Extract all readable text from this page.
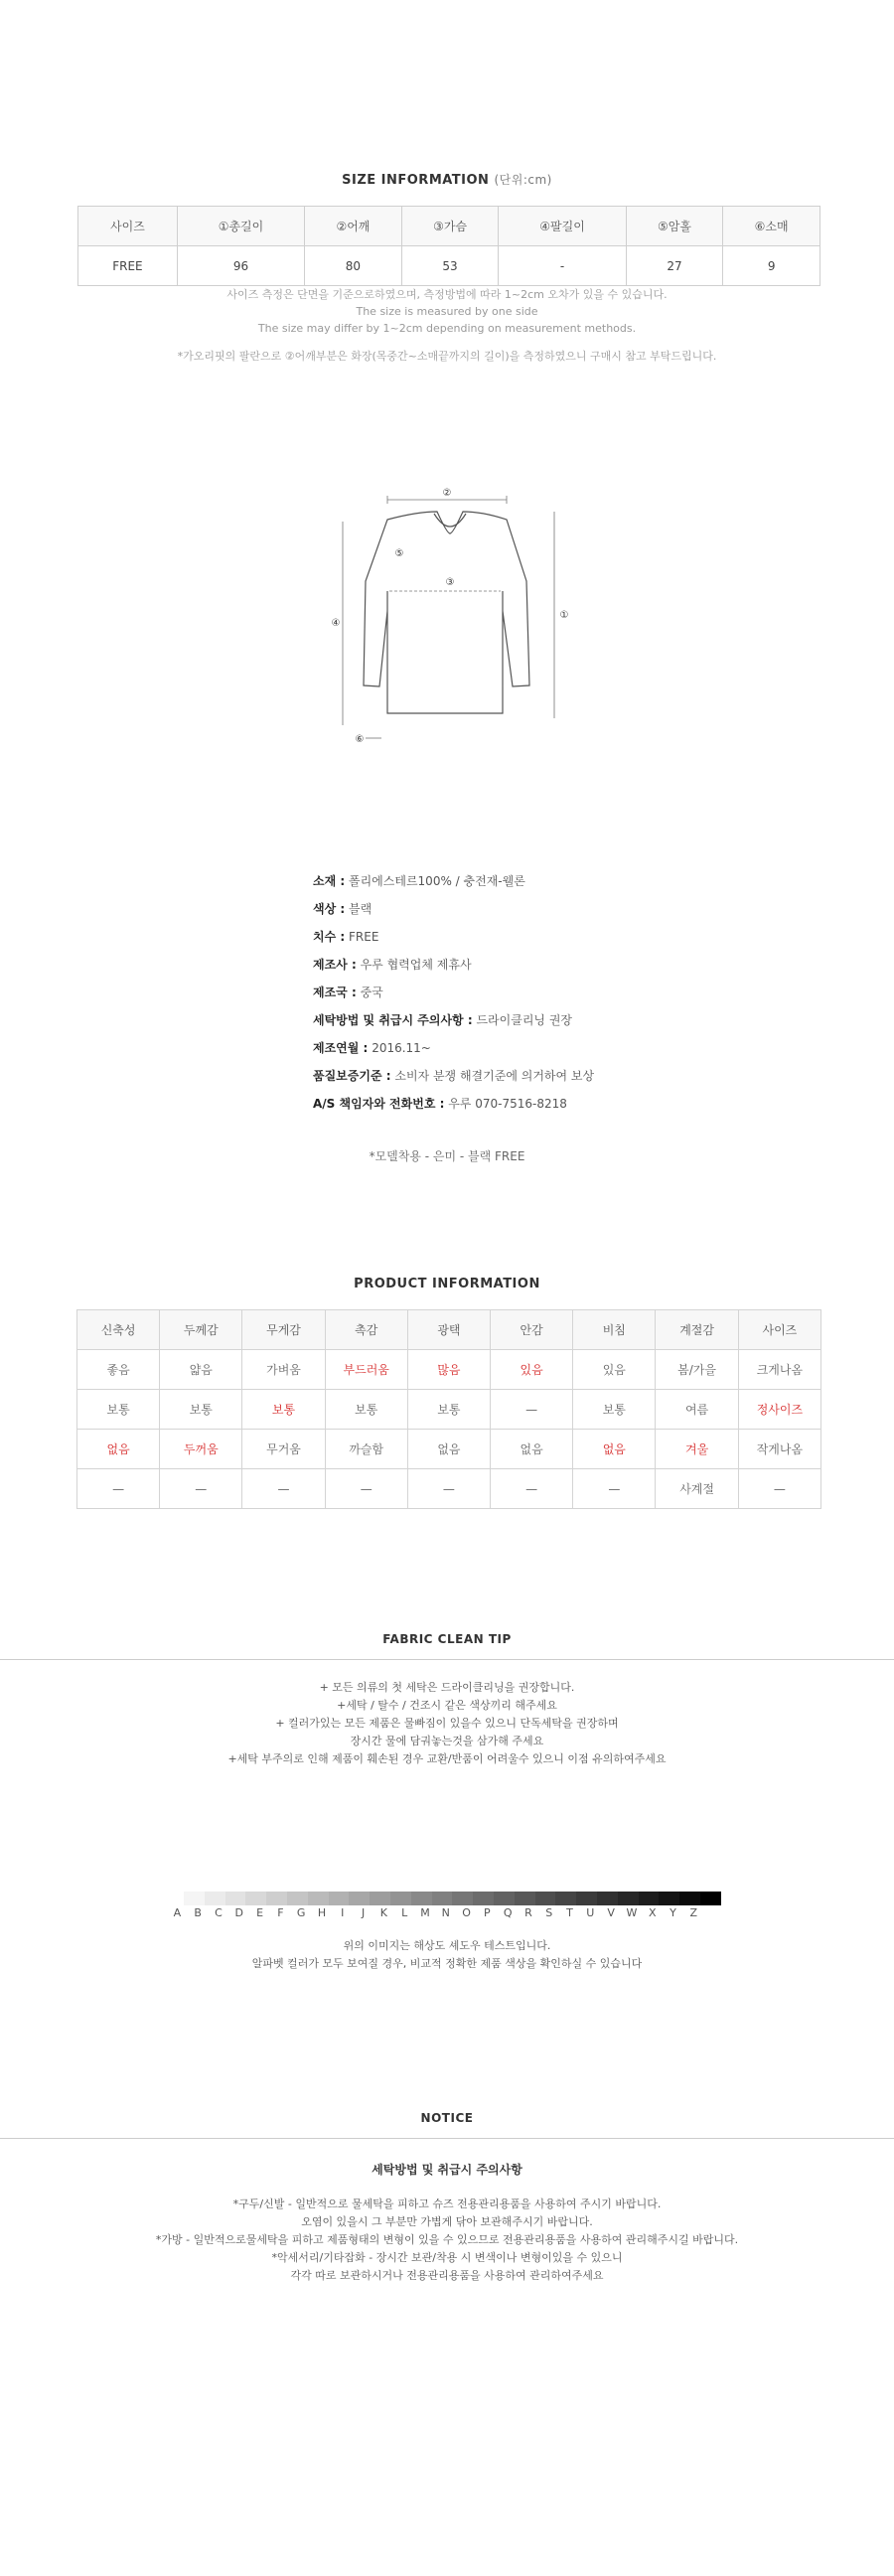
SIZE INFORMATION (단위:cm)
사이즈	①총길이	②어깨	③가슴	④팔길이	⑤암홀	⑥소매
FREE	96	80	53	-	27	9
사이즈 측정은 단면을 기준으로하였으며, 측정방법에 따라 1~2cm 오차가 있을 수 있습니다.
The size is measured by one side
The size may differ by 1~2cm depending on measurement methods.
*가오리핏의 팔란으로 ②어깨부분은 화장(목중간~소매끝까지의 길이)을 측정하였으니 구매시 참고 부탁드립니다.
②
⑤
③
④
①
⑥
소재 : 폴리에스테르100% / 충전재-웰론
색상 : 블랙
치수 : FREE
제조사 : 우루 협력업체 제휴사
제조국 : 중국
세탁방법 및 취급시 주의사항 : 드라이클리닝 권장
제조연월 : 2016.11~
품질보증기준 : 소비자 분쟁 해결기준에 의거하여 보상
A/S 책임자와 전화번호 : 우루 070-7516-8218
*모델착용 - 은미 - 블랙 FREE
PRODUCT INFORMATION
신축성	두께감	무게감	촉감	광택	안감	비침	계절감	사이즈
좋음	얇음	가벼움	부드러움	많음	있음	있음	봄/가을	크게나옴
보통	보통	보통	보통	보통	—	보통	여름	정사이즈
없음	두꺼움	무거움	까슬함	없음	없음	없음	겨울	작게나옴
—	—	—	—	—	—	—	사계절	—
FABRIC CLEAN TIP
+ 모든 의류의 첫 세탁은 드라이클리닝을 권장합니다.
+세탁 / 탈수 / 건조시 같은 색상끼리 해주세요
+ 컬러가있는 모든 제품은 물빠짐이 있을수 있으니 단독세탁을 권장하며
장시간 물에 담궈놓는것을 삼가해 주세요
+세탁 부주의로 인해 제품이 훼손된 경우 교환/반품이 어려울수 있으니 이점 유의하여주세요
A	B	C	D	E	F	G	H	I	J	K	L	M	N	O	P	Q	R	S	T	U	V	W	X	Y	Z
위의 이미지는 해상도 셰도우 테스트입니다.
알파벳 컬러가 모두 보여질 경우, 비교적 정확한 제품 색상을 확인하실 수 있습니다
NOTICE
세탁방법 및 취급시 주의사항
*구두/신발 - 일반적으로 물세탁을 피하고 슈즈 전용관리용품을 사용하여 주시기 바랍니다.
오염이 있을시 그 부분만 가볍게 닦아 보관해주시기 바랍니다.
*가방 - 일반적으로물세탁을 피하고 제품형태의 변형이 있을 수 있으므로 전용관리용품을 사용하여 관리해주시길 바랍니다.
*악세서리/기타잡화 - 장시간 보관/착용 시 변색이나 변형이있을 수 있으니
각각 따로 보관하시거나 전용관리용품을 사용하여 관리하여주세요
